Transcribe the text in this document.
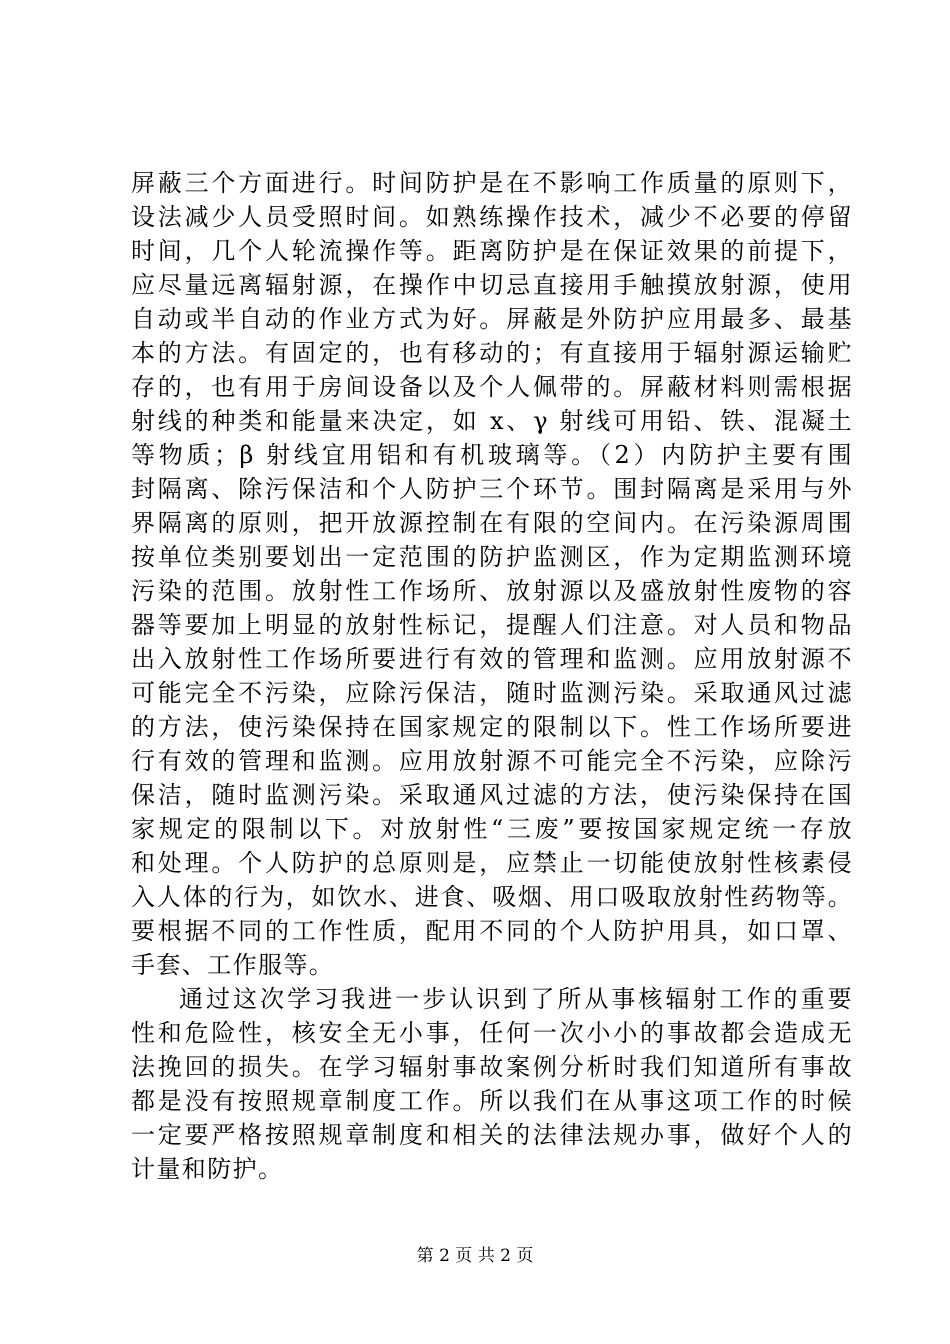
屏蔽三个方面进行。时间防护是在不影响工作质量的原则下，
设法减少人员受照时间。如熟练操作技术，减少不必要的停留
时间，几个人轮流操作等。距离防护是在保证效果的前提下，
应尽量远离辐射源，在操作中切忌直接用手触摸放射源，使用
自动或半自动的作业方式为好。屏蔽是外防护应用最多、最基
本的方法。有固定的，也有移动的；有直接用于辐射源运输贮
存的，也有用于房间设备以及个人佩带的。屏蔽材料则需根据
射线的种类和能量来决定，如 x、γ 射线可用铅、铁、混凝土
等物质；β 射线宜用铝和有机玻璃等。（2）内防护主要有围
封隔离、除污保洁和个人防护三个环节。围封隔离是采用与外
界隔离的原则，把开放源控制在有限的空间内。在污染源周围
按单位类别要划出一定范围的防护监测区，作为定期监测环境
污染的范围。放射性工作场所、放射源以及盛放射性废物的容
器等要加上明显的放射性标记，提醒人们注意。对人员和物品
出入放射性工作场所要进行有效的管理和监测。应用放射源不
可能完全不污染，应除污保洁，随时监测污染。采取通风过滤
的方法，使污染保持在国家规定的限制以下。性工作场所要进
行有效的管理和监测。应用放射源不可能完全不污染，应除污
保洁，随时监测污染。采取通风过滤的方法，使污染保持在国
家规定的限制以下。对放射性“三废”要按国家规定统一存放
和处理。个人防护的总原则是，应禁止一切能使放射性核素侵
入人体的行为，如饮水、进食、吸烟、用口吸取放射性药物等。
要根据不同的工作性质，配用不同的个人防护用具，如口罩、
手套、工作服等。
通过这次学习我进一步认识到了所从事核辐射工作的重要
性和危险性，核安全无小事，任何一次小小的事故都会造成无
法挽回的损失。在学习辐射事故案例分析时我们知道所有事故
都是没有按照规章制度工作。所以我们在从事这项工作的时候
一定要严格按照规章制度和相关的法律法规办事，做好个人的
计量和防护。
第 2 页 共 2 页
